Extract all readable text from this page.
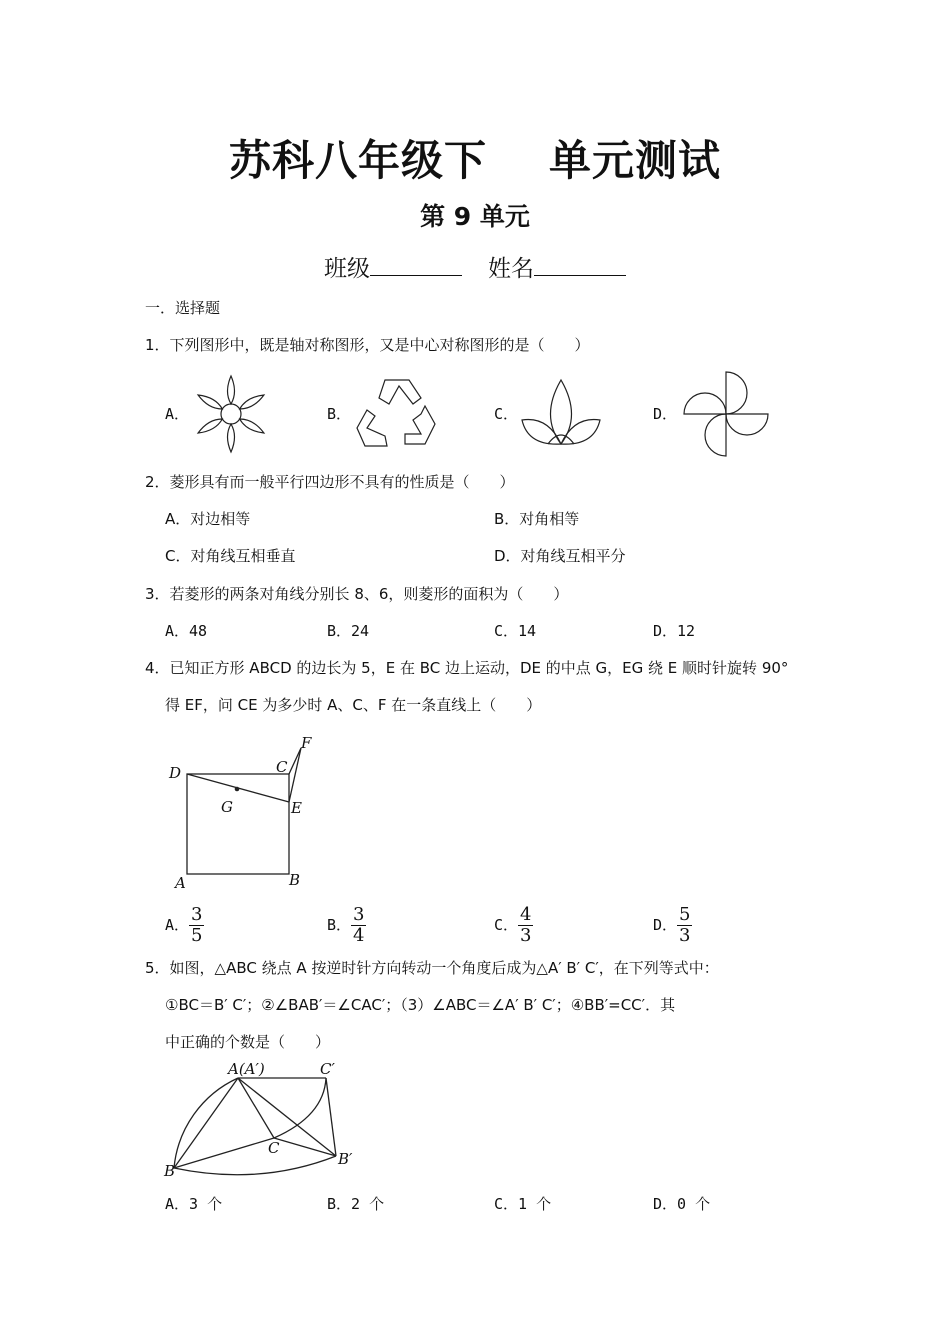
苏科八年级下 单元测试
第 9 单元
班级	姓名
一．选择题
1．下列图形中，既是轴对称图形，又是中心对称图形的是（　　）
A．	B．	C．	D．
2．菱形具有而一般平行四边形不具有的性质是（　　）
A．对边相等	B．对角相等
C．对角线互相垂直	D．对角线互相平分
3．若菱形的两条对角线分别长 8、6，则菱形的面积为（　　）
A．48	B．24	C．14	D．12
4．已知正方形 ABCD 的边长为 5，E 在 BC 边上运动，DE 的中点 G，EG 绕 E 顺时针旋转 90°
得 EF，问 CE 为多少时 A、C、F 在一条直线上（　　）
D	C
F
G	E
A	B
A． $\frac{3}{5}$	B． $\frac{3}{4}$	C． $\frac{4}{3}$	D． $\frac{5}{3}$
5．如图，△ABC 绕点 A 按逆时针方向转动一个角度后成为△A′ B′ C′，在下列等式中：
①BC＝B′ C′；②∠BAB′＝∠CAC′；（3）∠ABC＝∠A′ B′ C′；④BB′=CC′．其
中正确的个数是（　　）
A(A′)	C′
C
B
B′
A．3 个	B．2 个	C．1 个	D．0 个
